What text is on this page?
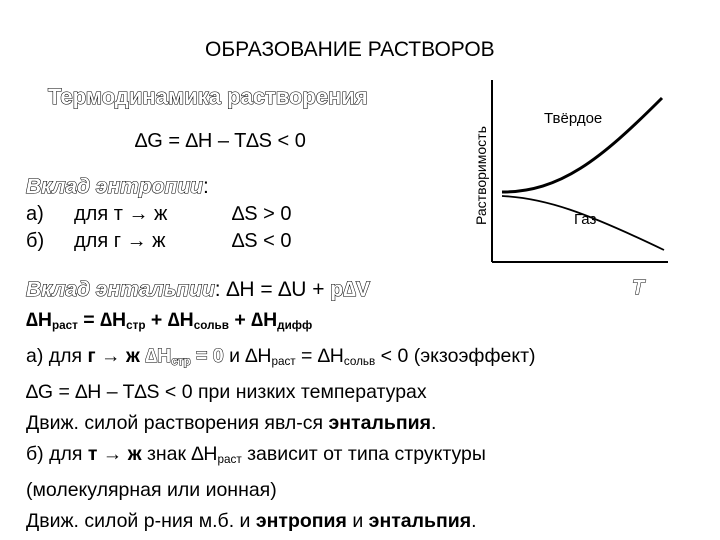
ОБРАЗОВАНИЕ РАСТВОРОВ
Термодинамика растворения
∆G = ∆H – T∆S < 0
Вклад энтропии:
а) для т → ж	∆S > 0
б) для г → ж	∆S < 0
Вклад энтальпии: ∆H = ∆U + p∆V
$\Delta H_{раст} = \Delta H_{стр} + \Delta H_{сольв} + \Delta H_{дифф}$
а) для г → ж $\Delta H_{стр} = 0$ и $\Delta H_{раст} = \Delta H_{сольв} < 0$ (экзоэффект)
∆G = ∆H – T∆S < 0 при низких температурах
Движ. силой растворения явл-ся энтальпия.
б) для т → ж знак $\Delta H_{раст}$ зависит от типа структуры
(молекулярная или ионная)
Движ. силой р-ния м.б. и энтропия и энтальпия.
Растворимость
Твёрдое
Газ
T
